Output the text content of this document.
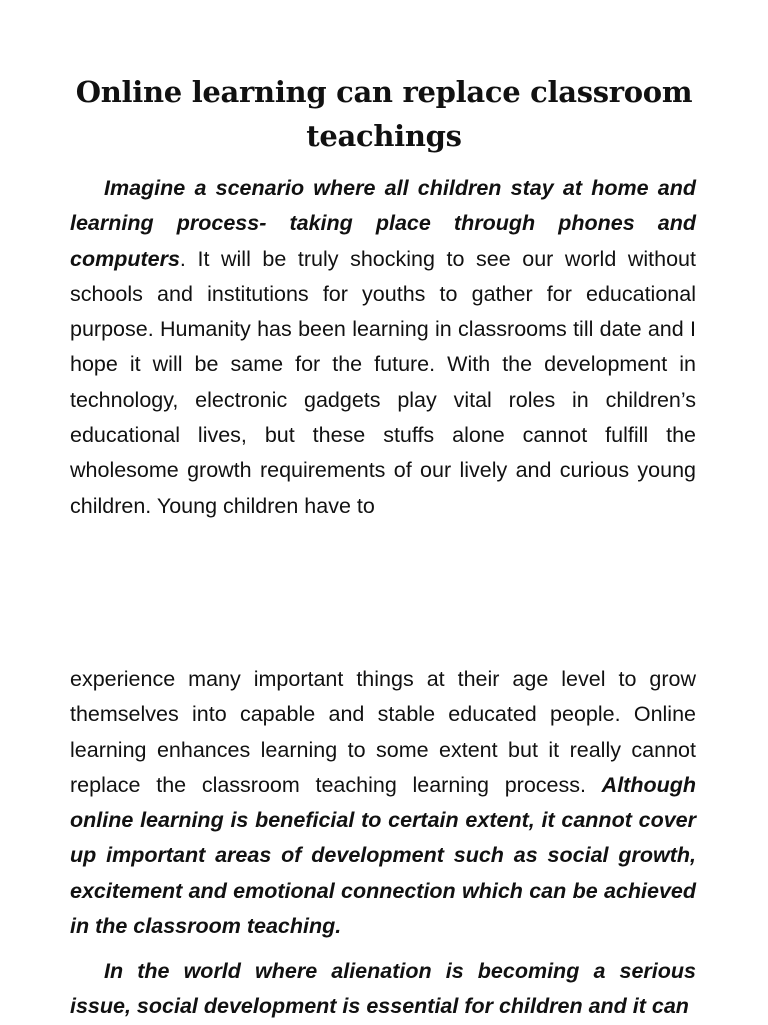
Online learning can replace classroom teachings

Imagine a scenario where all children stay at home and learning process- taking place through phones and computers. It will be truly shocking to see our world without schools and institutions for youths to gather for educational purpose. Humanity has been learning in classrooms till date and I hope it will be same for the future. With the development in technology, electronic gadgets play vital roles in children’s educational lives, but these stuffs alone cannot fulfill the wholesome growth requirements of our lively and curious young children. Young children have to

experience many important things at their age level to grow themselves into capable and stable educated people. Online learning enhances learning to some extent but it really cannot replace the classroom teaching learning process. Although online learning is beneficial to certain extent, it cannot cover up important areas of development such as social growth, excitement and emotional connection which can be achieved in the classroom teaching.

In the world where alienation is becoming a serious issue, social development is essential for children and it can
